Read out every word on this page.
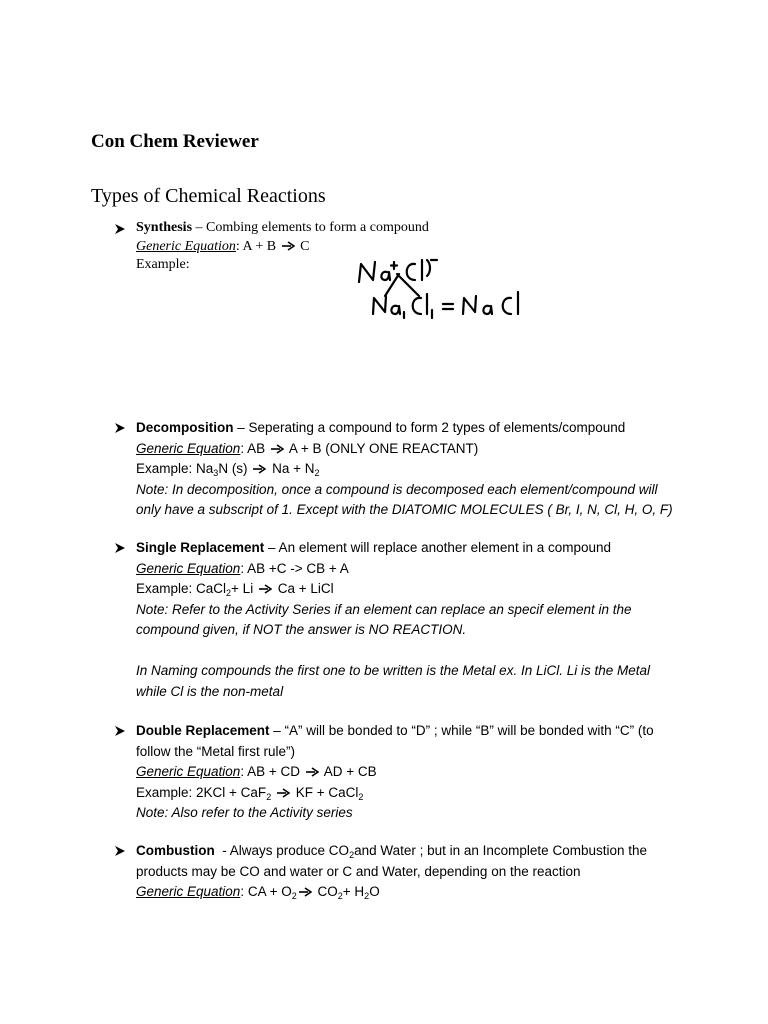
Con Chem Reviewer
Types of Chemical Reactions
Synthesis – Combing elements to form a compound
Generic Equation: A + B  C
Example:
Decomposition – Seperating a compound to form 2 types of elements/compound
Generic Equation: AB  A + B (ONLY ONE REACTANT)
Example: $Na_3N$ (s)  $Na + N_2$
Note: In decomposition, once a compound is decomposed each element/compound will
only have a subscript of 1. Except with the DIATOMIC MOLECULES ( Br, I, N, Cl, H, O, F)
Single Replacement – An element will replace another element in a compound
Generic Equation: AB +C -> CB + A
Example: CaCl$_2$+ Li  Ca + LiCl
Note: Refer to the Activity Series if an element can replace an specif element in the
compound given, if NOT the answer is NO REACTION.
In Naming compounds the first one to be written is the Metal ex. In LiCl. Li is the Metal
while Cl is the non-metal
Double Replacement – “A” will be bonded to “D” ; while “B” will be bonded with “C” (to
follow the “Metal first rule”)
Generic Equation: AB + CD  AD + CB
Example: 2KCl + CaF$_2$  KF + CaCl$_2$
Note: Also refer to the Activity series
Combustion  - Always produce $CO_2and$ Water ; but in an Incomplete Combustion the
products may be CO and water or C and Water, depending on the reaction
Generic Equation: CA + $O_2$ $CO_2+ H_2O$
